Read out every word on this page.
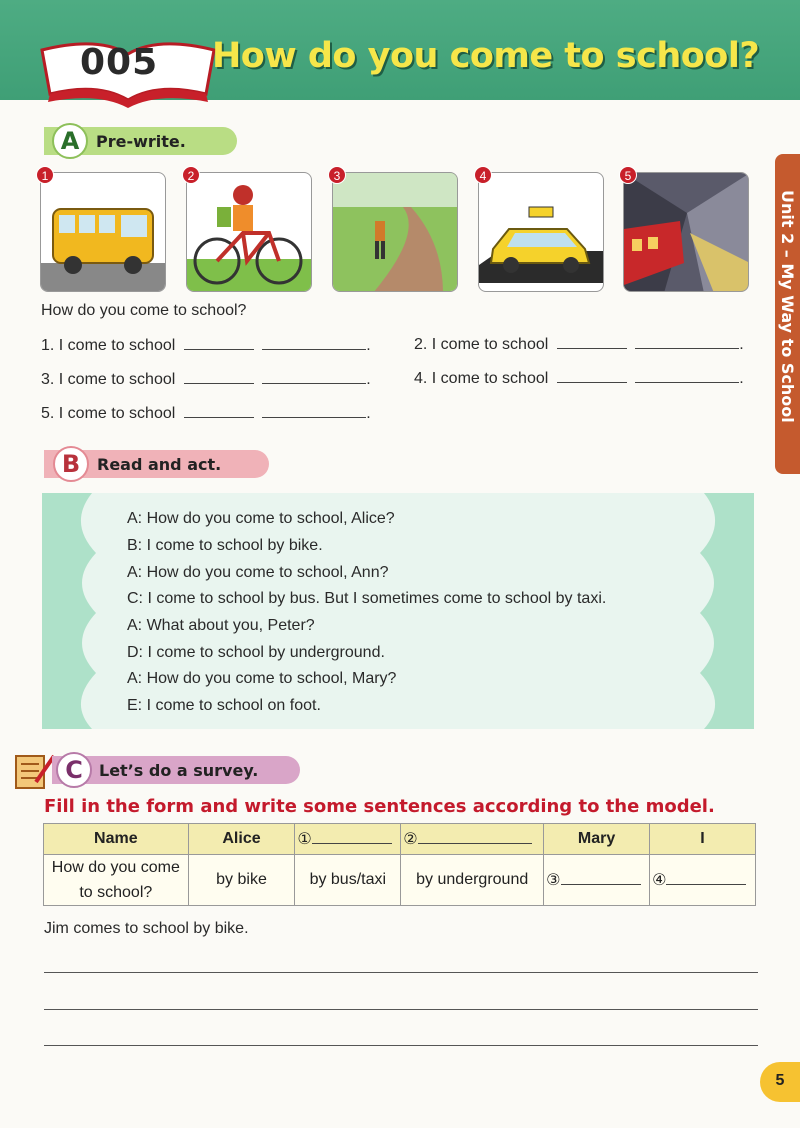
005 How do you come to school?
Unit 2 – My Way to School
A	Pre-write.
1	2	3	4	5
How do you come to school?
1. I come to school	.	2. I come to school	.
3. I come to school	.	4. I come to school	.
5. I come to school	.
B	Read and act.
A: How do you come to school, Alice?
B: I come to school by bike.
A: How do you come to school, Ann?
C: I come to school by bus. But I sometimes come to school by taxi.
A: What about you, Peter?
D: I come to school by underground.
A: How do you come to school, Mary?
E: I come to school on foot.
C	Let’s do a survey.
Fill in the form and write some sentences according to the model.
Name	Alice	①	②	Mary	I
How do you come
to school?	by bike	by bus/taxi	by underground	③	④
Jim comes to school by bike.
5
